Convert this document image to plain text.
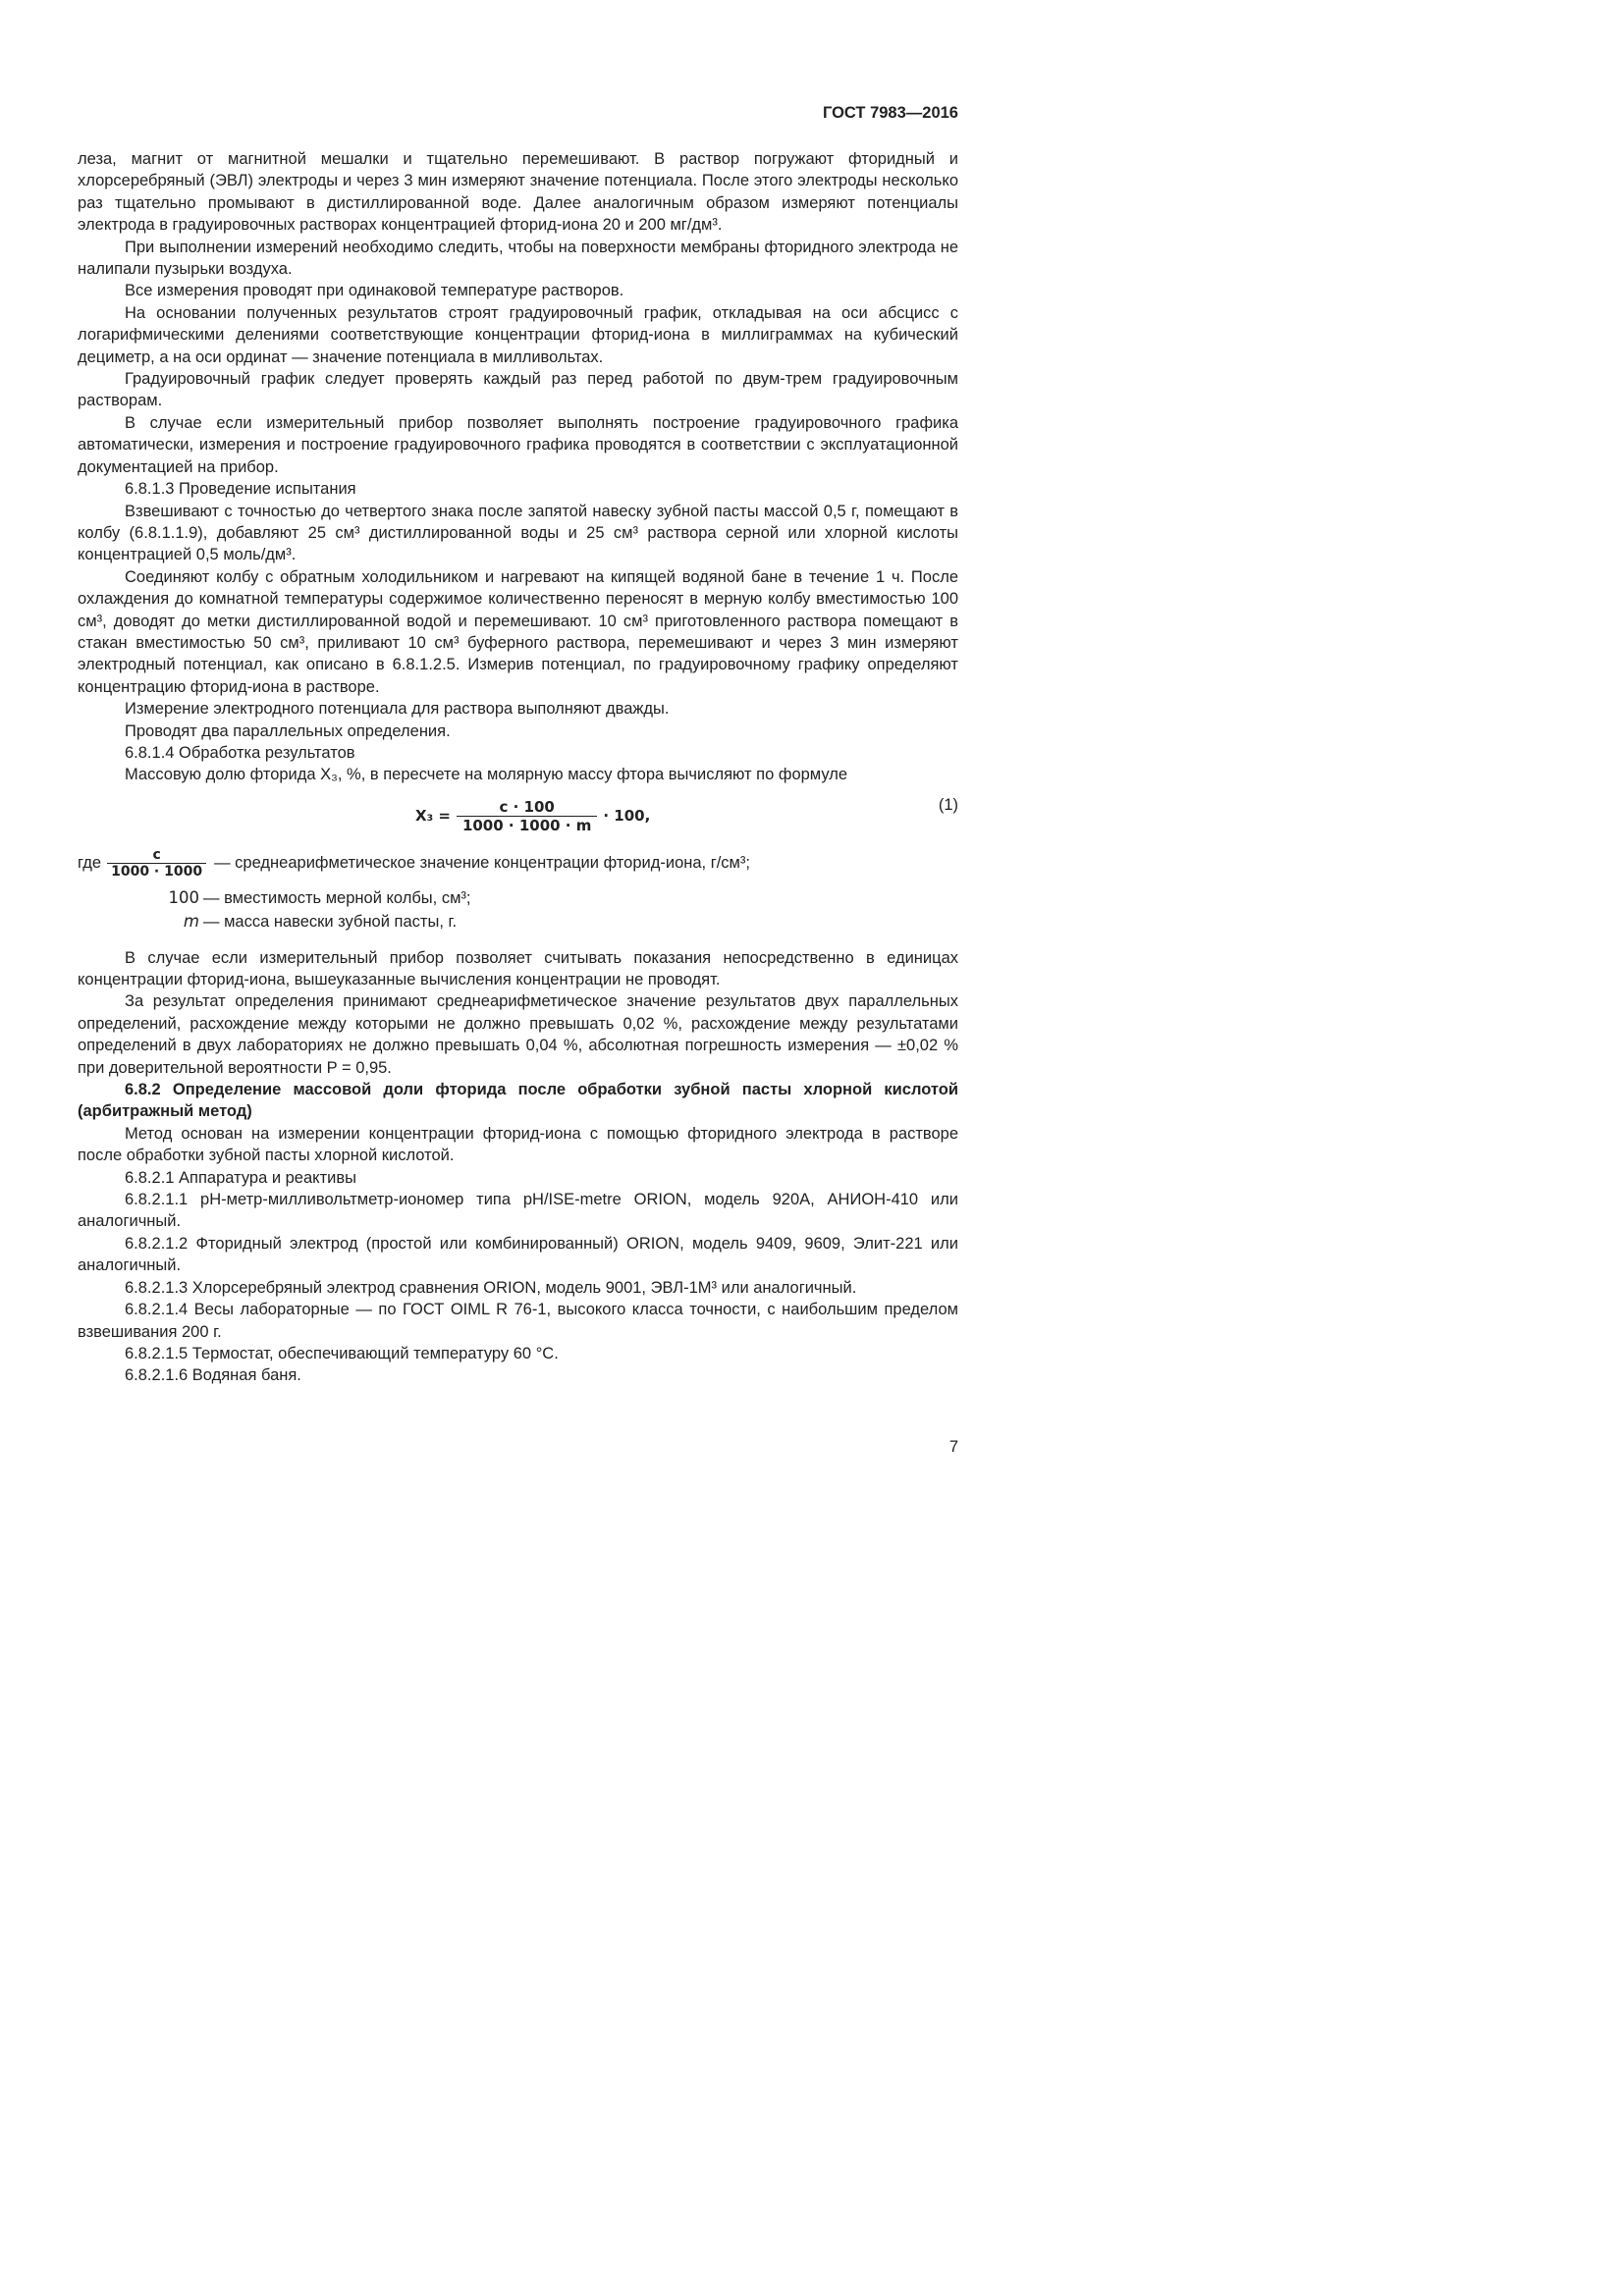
ГОСТ 7983—2016

леза, магнит от магнитной мешалки и тщательно перемешивают. В раствор погружают фторидный и хлорсеребряный (ЭВЛ) электроды и через 3 мин измеряют значение потенциала. После этого электроды несколько раз тщательно промывают в дистиллированной воде. Далее аналогичным образом измеряют потенциалы электрода в градуировочных растворах концентрацией фторид-иона 20 и 200 мг/дм³.

При выполнении измерений необходимо следить, чтобы на поверхности мембраны фторидного электрода не налипали пузырьки воздуха.

Все измерения проводят при одинаковой температуре растворов.

На основании полученных результатов строят градуировочный график, откладывая на оси абсцисс с логарифмическими делениями соответствующие концентрации фторид-иона в миллиграммах на кубический дециметр, а на оси ординат — значение потенциала в милливольтах.

Градуировочный график следует проверять каждый раз перед работой по двум-трем градуировочным растворам.

В случае если измерительный прибор позволяет выполнять построение градуировочного графика автоматически, измерения и построение градуировочного графика проводятся в соответствии с эксплуатационной документацией на прибор.

6.8.1.3 Проведение испытания

Взвешивают с точностью до четвертого знака после запятой навеску зубной пасты массой 0,5 г, помещают в колбу (6.8.1.1.9), добавляют 25 см³ дистиллированной воды и 25 см³ раствора серной или хлорной кислоты концентрацией 0,5 моль/дм³.

Соединяют колбу с обратным холодильником и нагревают на кипящей водяной бане в течение 1 ч. После охлаждения до комнатной температуры содержимое количественно переносят в мерную колбу вместимостью 100 см³, доводят до метки дистиллированной водой и перемешивают. 10 см³ приготовленного раствора помещают в стакан вместимостью 50 см³, приливают 10 см³ буферного раствора, перемешивают и через 3 мин измеряют электродный потенциал, как описано в 6.8.1.2.5. Измерив потенциал, по градуировочному графику определяют концентрацию фторид-иона в растворе.

Измерение электродного потенциала для раствора выполняют дважды.

Проводят два параллельных определения.

6.8.1.4 Обработка результатов

Массовую долю фторида X₃, %, в пересчете на молярную массу фтора вычисляют по формуле

$X_3 = \frac{c \cdot 100}{1000 \cdot 1000 \cdot m} \cdot 100$,
(1)
где $\frac{c}{1000 \cdot 1000}$ — среднеарифметическое значение концентрации фторид-иона, г/см³;
100 — вместимость мерной колбы, см³;
m — масса навески зубной пасты, г.

В случае если измерительный прибор позволяет считывать показания непосредственно в единицах концентрации фторид-иона, вышеуказанные вычисления концентрации не проводят.

За результат определения принимают среднеарифметическое значение результатов двух параллельных определений, расхождение между которыми не должно превышать 0,02 %, расхождение между результатами определений в двух лабораториях не должно превышать 0,04 %, абсолютная погрешность измерения — ±0,02 % при доверительной вероятности P = 0,95.

6.8.2 Определение массовой доли фторида после обработки зубной пасты хлорной кислотой (арбитражный метод)

Метод основан на измерении концентрации фторид-иона с помощью фторидного электрода в растворе после обработки зубной пасты хлорной кислотой.

6.8.2.1 Аппаратура и реактивы

6.8.2.1.1 pH-метр-милливольтметр-иономер типа pH/ISE-metre ORION, модель 920А, АНИОН-410 или аналогичный.

6.8.2.1.2 Фторидный электрод (простой или комбинированный) ORION, модель 9409, 9609, Элит-221 или аналогичный.

6.8.2.1.3 Хлорсеребряный электрод сравнения ORION, модель 9001, ЭВЛ-1М³ или аналогичный.

6.8.2.1.4 Весы лабораторные — по ГОСТ OIML R 76-1, высокого класса точности, с наибольшим пределом взвешивания 200 г.

6.8.2.1.5 Термостат, обеспечивающий температуру 60 °С.

6.8.2.1.6 Водяная баня.

7
